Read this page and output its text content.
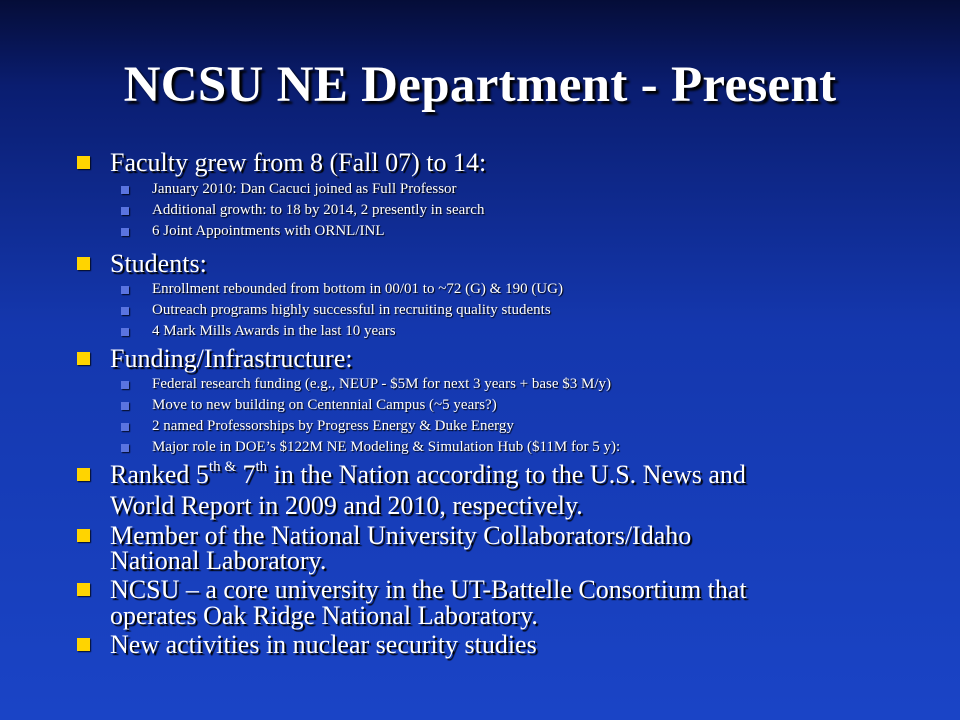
NCSU NE Department - Present
Faculty grew from 8 (Fall 07) to 14:
January 2010: Dan Cacuci joined as Full Professor
Additional growth: to 18 by 2014, 2 presently in search
6 Joint Appointments with ORNL/INL
Students:
Enrollment rebounded from bottom in 00/01 to ~72 (G) & 190 (UG)
Outreach programs highly successful in recruiting quality students
4 Mark Mills Awards in the last 10 years
Funding/Infrastructure:
Federal research funding (e.g., NEUP - $5M for next 3 years + base $3 M/y)
Move to new building on Centennial Campus (~5 years?)
2 named Professorships by Progress Energy & Duke Energy
Major role in DOE’s $122M NE Modeling & Simulation Hub ($11M for 5 y):
Ranked $5^{th \&}$ 7th in the Nation according to the U.S. News and
World Report in 2009 and 2010, respectively.
Member of the National University Collaborators/Idaho
National Laboratory.
NCSU – a core university in the UT-Battelle Consortium that
operates Oak Ridge National Laboratory.
New activities in nuclear security studies
